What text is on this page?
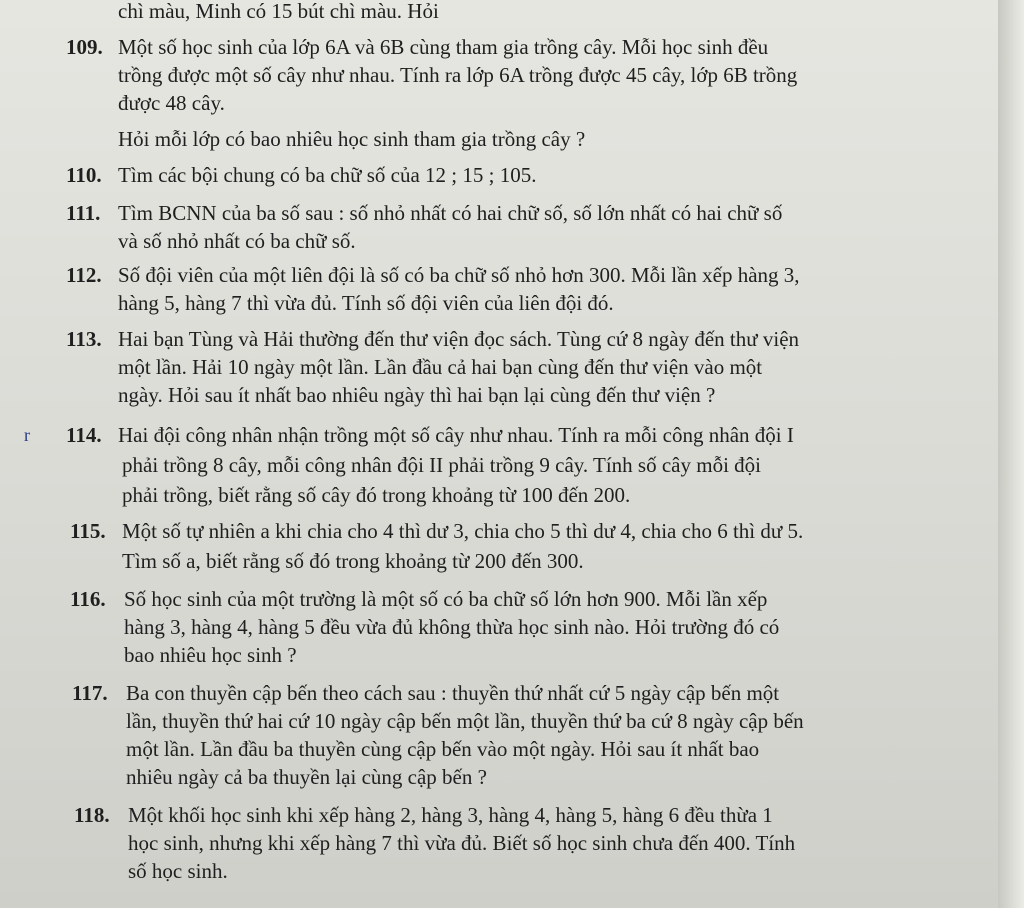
chì màu, Minh có 15 bút chì màu. Hỏi
109. Một số học sinh của lớp 6A và 6B cùng tham gia trồng cây. Mỗi học sinh đều
trồng được một số cây như nhau. Tính ra lớp 6A trồng được 45 cây, lớp 6B trồng
được 48 cây.
Hỏi mỗi lớp có bao nhiêu học sinh tham gia trồng cây ?
110. Tìm các bội chung có ba chữ số của 12 ; 15 ; 105.
111. Tìm BCNN của ba số sau : số nhỏ nhất có hai chữ số, số lớn nhất có hai chữ số
và số nhỏ nhất có ba chữ số.
112. Số đội viên của một liên đội là số có ba chữ số nhỏ hơn 300. Mỗi lần xếp hàng 3,
hàng 5, hàng 7 thì vừa đủ. Tính số đội viên của liên đội đó.
113. Hai bạn Tùng và Hải thường đến thư viện đọc sách. Tùng cứ 8 ngày đến thư viện
một lần. Hải 10 ngày một lần. Lần đầu cả hai bạn cùng đến thư viện vào một
ngày. Hỏi sau ít nhất bao nhiêu ngày thì hai bạn lại cùng đến thư viện ?
r 114. Hai đội công nhân nhận trồng một số cây như nhau. Tính ra mỗi công nhân đội I
phải trồng 8 cây, mỗi công nhân đội II phải trồng 9 cây. Tính số cây mỗi đội
phải trồng, biết rằng số cây đó trong khoảng từ 100 đến 200.
115. Một số tự nhiên a khi chia cho 4 thì dư 3, chia cho 5 thì dư 4, chia cho 6 thì dư 5.
Tìm số a, biết rằng số đó trong khoảng từ 200 đến 300.
116. Số học sinh của một trường là một số có ba chữ số lớn hơn 900. Mỗi lần xếp
hàng 3, hàng 4, hàng 5 đều vừa đủ không thừa học sinh nào. Hỏi trường đó có
bao nhiêu học sinh ?
117. Ba con thuyền cập bến theo cách sau : thuyền thứ nhất cứ 5 ngày cập bến một
lần, thuyền thứ hai cứ 10 ngày cập bến một lần, thuyền thứ ba cứ 8 ngày cập bến
một lần. Lần đầu ba thuyền cùng cập bến vào một ngày. Hỏi sau ít nhất bao
nhiêu ngày cả ba thuyền lại cùng cập bến ?
118. Một khối học sinh khi xếp hàng 2, hàng 3, hàng 4, hàng 5, hàng 6 đều thừa 1
học sinh, nhưng khi xếp hàng 7 thì vừa đủ. Biết số học sinh chưa đến 400. Tính
số học sinh.
